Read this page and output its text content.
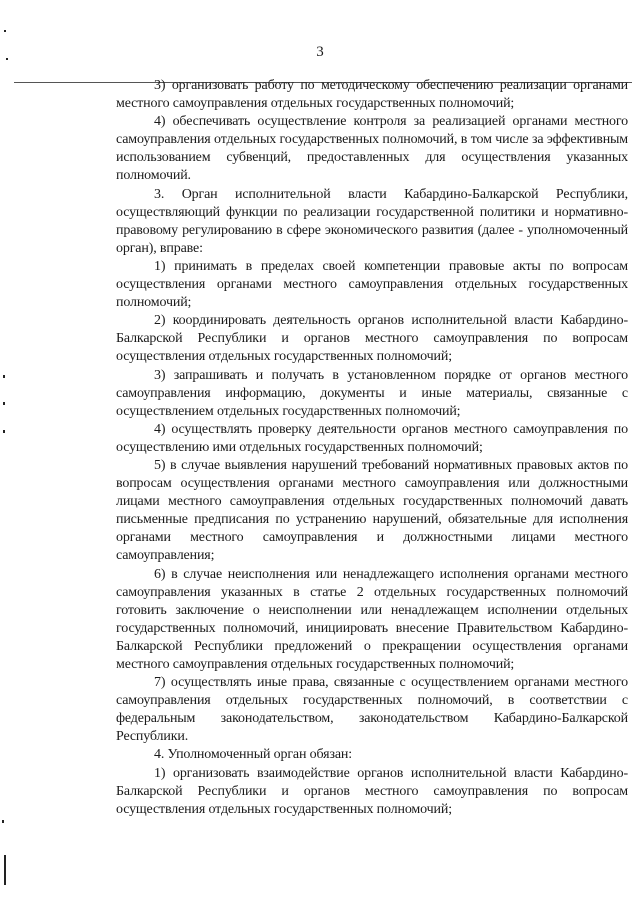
3

3) организовать работу по методическому обеспечению реализации органами местного самоуправления отдельных государственных полномочий;

4) обеспечивать осуществление контроля за реализацией органами местного самоуправления отдельных государственных полномочий, в том числе за эффективным использованием субвенций, предоставленных для осуществления указанных полномочий.

3. Орган исполнительной власти Кабардино-Балкарской Республики, осуществляющий функции по реализации государственной политики и нормативно-правовому регулированию в сфере экономического развития (далее - уполномоченный орган), вправе:

1) принимать в пределах своей компетенции правовые акты по вопросам осуществления органами местного самоуправления отдельных государственных полномочий;

2) координировать деятельность органов исполнительной власти Кабардино-Балкарской Республики и органов местного самоуправления по вопросам осуществления отдельных государственных полномочий;

3) запрашивать и получать в установленном порядке от органов местного самоуправления информацию, документы и иные материалы, связанные с осуществлением отдельных государственных полномочий;

4) осуществлять проверку деятельности органов местного самоуправления по осуществлению ими отдельных государственных полномочий;

5) в случае выявления нарушений требований нормативных правовых актов по вопросам осуществления органами местного самоуправления или должностными лицами местного самоуправления отдельных государственных полномочий давать письменные предписания по устранению нарушений, обязательные для исполнения органами местного самоуправления и должностными лицами местного самоуправления;

6) в случае неисполнения или ненадлежащего исполнения органами местного самоуправления указанных в статье 2 отдельных государственных полномочий готовить заключение о неисполнении или ненадлежащем исполнении отдельных государственных полномочий, инициировать внесение Правительством Кабардино-Балкарской Республики предложений о прекращении осуществления органами местного самоуправления отдельных государственных полномочий;

7) осуществлять иные права, связанные с осуществлением органами местного самоуправления отдельных государственных полномочий, в соответствии с федеральным законодательством, законодательством Кабардино-Балкарской Республики.

4. Уполномоченный орган обязан:

1) организовать взаимодействие органов исполнительной власти Кабардино-Балкарской Республики и органов местного самоуправления по вопросам осуществления отдельных государственных полномочий;
